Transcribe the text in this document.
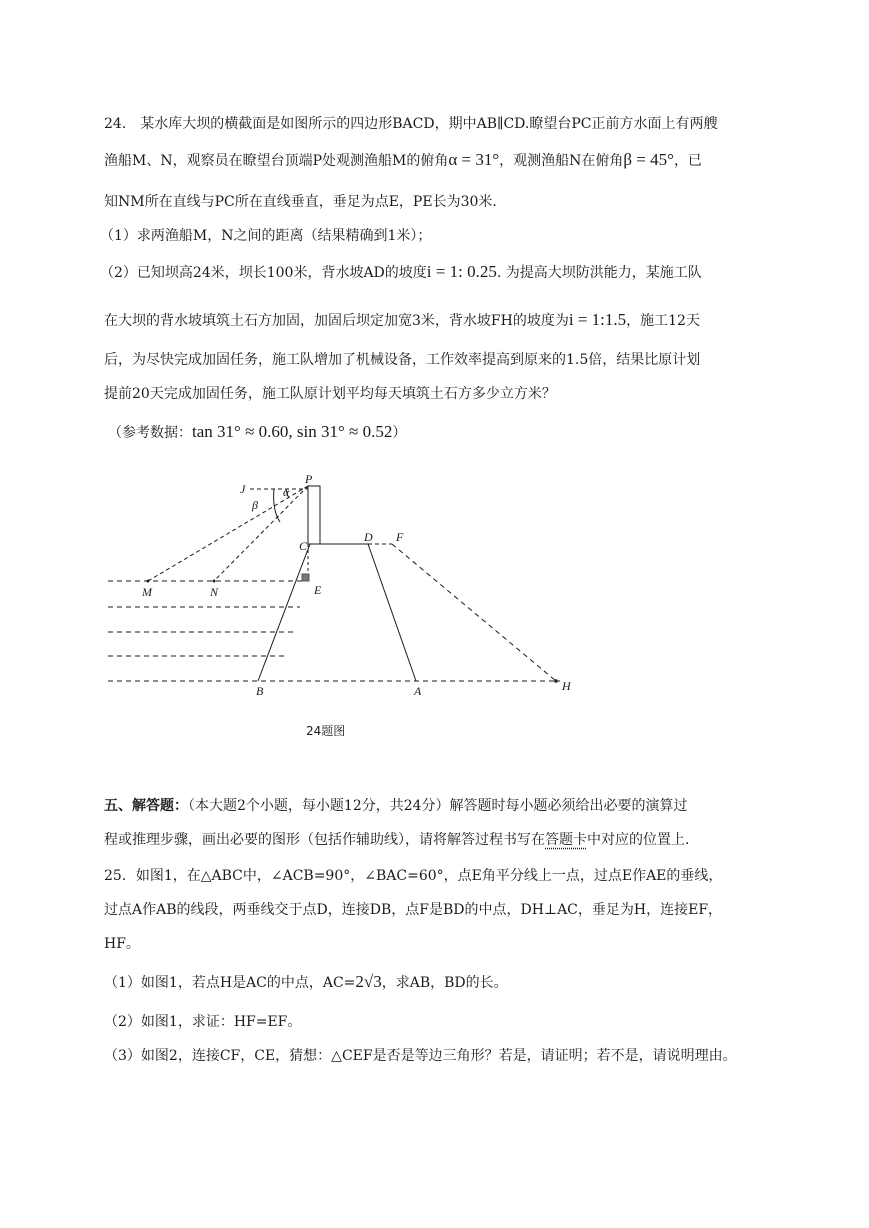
24.　某水库大坝的横截面是如图所示的四边形BACD，期中AB∥CD.瞭望台PC正前方水面上有两艘
渔船M、N，观察员在瞭望台顶端P处观测渔船M的俯角α = 31°，观测渔船N在俯角β = 45°，已
知NM所在直线与PC所在直线垂直，垂足为点E，PE长为30米.
（1）求两渔船M，N之间的距离（结果精确到1米）；
（2）已知坝高24米，坝长100米，背水坡AD的坡度i = 1: 0.25. 为提高大坝防洪能力，某施工队
在大坝的背水坡填筑土石方加固，加固后坝定加宽3米，背水坡FH的坡度为i = 1:1.5，施工12天
后，为尽快完成加固任务，施工队增加了机械设备，工作效率提高到原来的1.5倍，结果比原计划
提前20天完成加固任务，施工队原计划平均每天填筑土石方多少立方米？
（参考数据：tan 31° ≈ 0.60, sin 31° ≈ 0.52）
P
J	α
β
C
D F
E
M	N
B	A	H
24题图
五、解答题：（本大题2个小题，每小题12分，共24分）解答题时每小题必须给出必要的演算过
程或推理步骤，画出必要的图形（包括作辅助线），请将解答过程书写在答题卡中对应的位置上.
25．如图1，在△ABC中，∠ACB=90°，∠BAC=60°，点E角平分线上一点，过点E作AE的垂线，
过点A作AB的线段，两垂线交于点D，连接DB，点F是BD的中点，DH⊥AC，垂足为H，连接EF，
HF。
（1）如图1，若点H是AC的中点，AC=2√3，求AB，BD的长。
（2）如图1，求证：HF=EF。
（3）如图2，连接CF，CE，猜想：△CEF是否是等边三角形？若是，请证明；若不是，请说明理由。
